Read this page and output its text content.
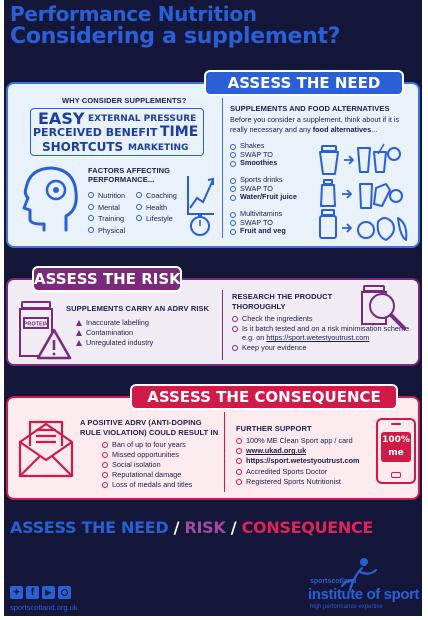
Performance Nutrition
Considering a supplement?
ASSESS THE NEED
WHY CONSIDER SUPPLEMENTS?
EASY EXTERNAL PRESSURE
PERCEIVED BENEFIT TIME
SHORTCUTS MARKETING
FACTORS AFFECTING PERFORMANCE...
Nutrition
Mental
Training
Physical
Coaching
Health
Lifestyle
SUPPLEMENTS AND FOOD ALTERNATIVES
Before you consider a supplement, think about if it is really necessary and any food alternatives...
Shakes
SWAP TO
Smoothies
Sports drinks
SWAP TO
Water/Fruit juice
Multivitamins
SWAP TO
Fruit and veg
ASSESS THE RISK
PROTEIN
SUPPLEMENTS CARRY AN ADRV RISK
Inaccurate labelling
Contamination
Unregulated industry
RESEARCH THE PRODUCT THOROUGHLY
Check the ingredients
Is it batch tested and on a risk minimisation scheme e.g. on https://sport.wetestyoutrust.com
Keep your evidence
ASSESS THE CONSEQUENCE
A POSITIVE ADRV (ANTI-DOPING
RULE VIOLATION) COULD RESULT IN
Ban of up to four years
Missed opportunities
Social isolation
Reputational damage
Loss of medals and titles
FURTHER SUPPORT
100% ME Clean Sport app / card
www.ukad.org.uk
https://sport.wetestyoutrust.com
Accredited Sports Doctor
Registered Sports Nutritionist
100% me
ASSESS THE NEED / RISK / CONSEQUENCE
✦	f	▶
sportscotland.org.uk
sportscotland
institute of sport
high performance expertise
